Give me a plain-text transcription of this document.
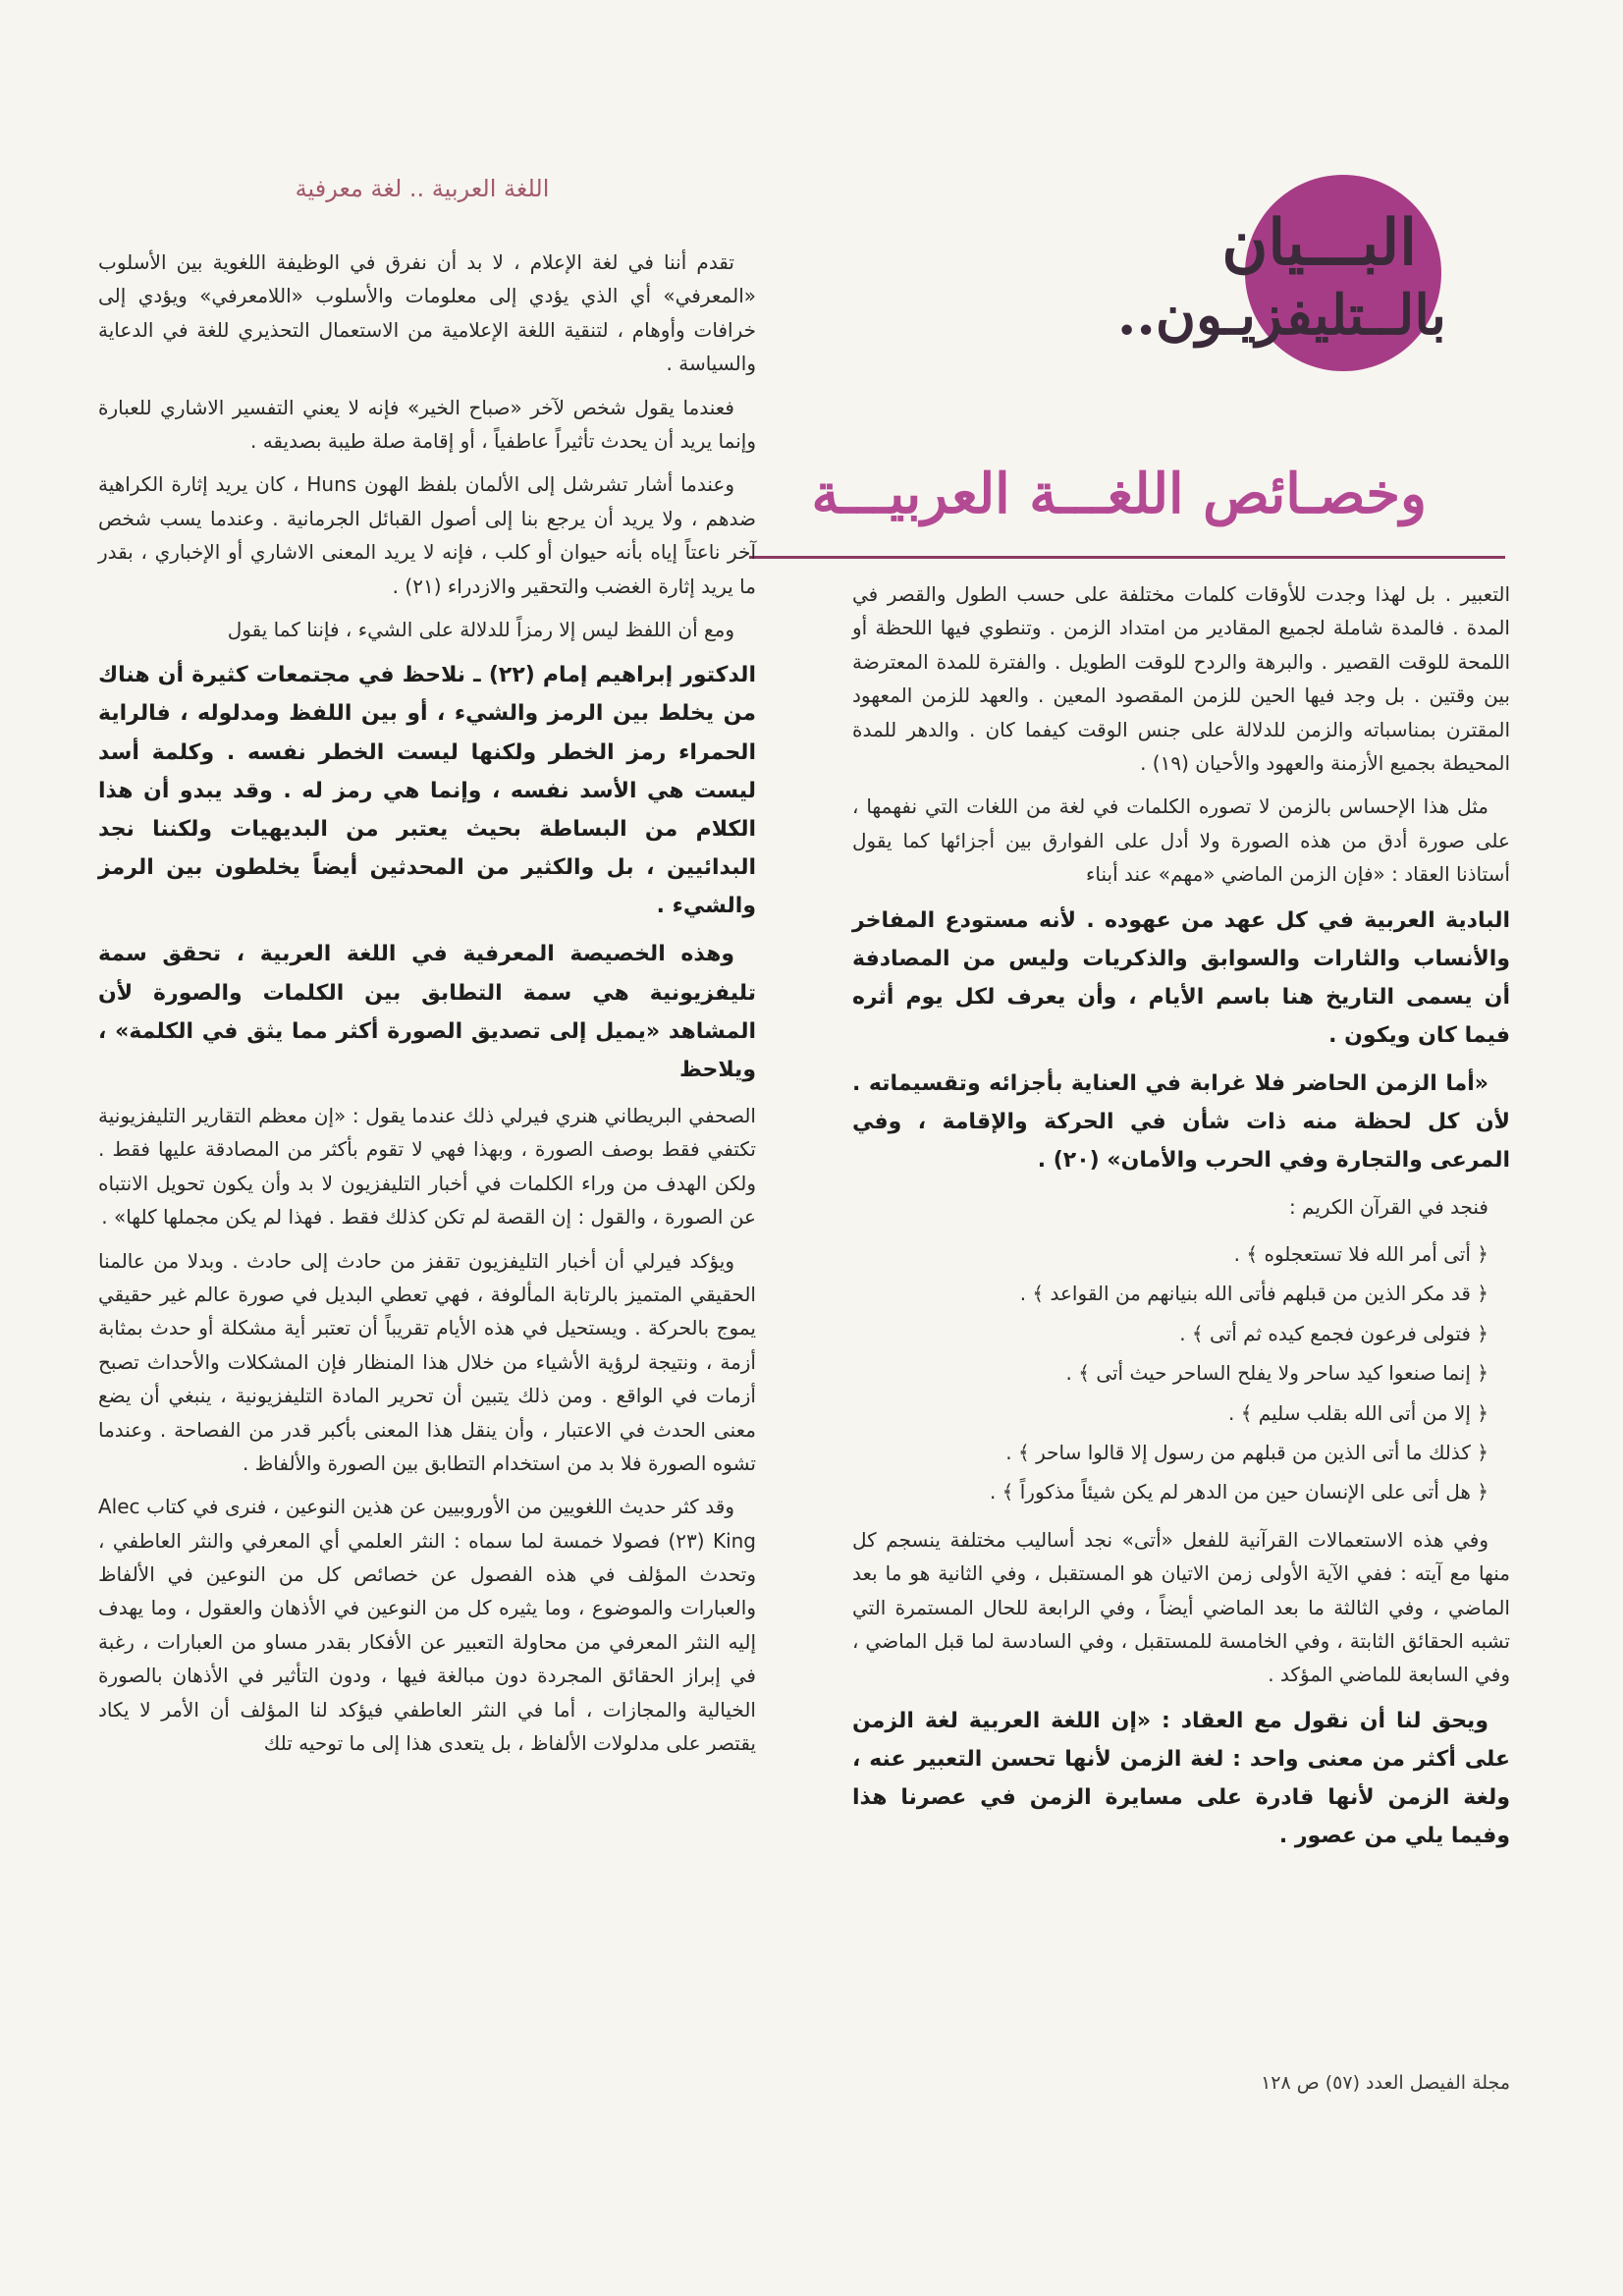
اللغة العربية .. لغة معرفية
البـــيان
بالــتليفزيـون..
وخصـائص اللغـــة العربيـــة

تقدم أننا في لغة الإعلام ، لا بد أن نفرق في الوظيفة اللغوية بين الأسلوب «المعرفي» أي الذي يؤدي إلى معلومات والأسلوب «اللامعرفي» ويؤدي إلى خرافات وأوهام ، لتنقية اللغة الإعلامية من الاستعمال التحذيري للغة في الدعاية والسياسة .

فعندما يقول شخص لآخر «صباح الخير» فإنه لا يعني التفسير الاشاري للعبارة وإنما يريد أن يحدث تأثيراً عاطفياً ، أو إقامة صلة طيبة بصديقه .

وعندما أشار تشرشل إلى الألمان بلفظ الهون Huns ، كان يريد إثارة الكراهية ضدهم ، ولا يريد أن يرجع بنا إلى أصول القبائل الجرمانية . وعندما يسب شخص آخر ناعتاً إياه بأنه حيوان أو كلب ، فإنه لا يريد المعنى الاشاري أو الإخباري ، بقدر ما يريد إثارة الغضب والتحقير والازدراء (٢١) .

ومع أن اللفظ ليس إلا رمزاً للدلالة على الشيء ، فإننا كما يقول

الدكتور إبراهيم إمام (٢٢) ـ نلاحظ في مجتمعات كثيرة أن هناك من يخلط بين الرمز والشيء ، أو بين اللفظ ومدلوله ، فالراية الحمراء رمز الخطر ولكنها ليست الخطر نفسه . وكلمة أسد ليست هي الأسد نفسه ، وإنما هي رمز له . وقد يبدو أن هذا الكلام من البساطة بحيث يعتبر من البديهيات ولكننا نجد البدائيين ، بل والكثير من المحدثين أيضاً يخلطون بين الرمز والشيء .

وهذه الخصيصة المعرفية في اللغة العربية ، تحقق سمة تليفزيونية هي سمة التطابق بين الكلمات والصورة لأن المشاهد «يميل إلى تصديق الصورة أكثر مما يثق في الكلمة» ، ويلاحظ

الصحفي البريطاني هنري فيرلي ذلك عندما يقول : «إن معظم التقارير التليفزيونية تكتفي فقط بوصف الصورة ، وبهذا فهي لا تقوم بأكثر من المصادقة عليها فقط . ولكن الهدف من وراء الكلمات في أخبار التليفزيون لا بد وأن يكون تحويل الانتباه عن الصورة ، والقول : إن القصة لم تكن كذلك فقط . فهذا لم يكن مجملها كلها» .

ويؤكد فيرلي أن أخبار التليفزيون تقفز من حادث إلى حادث . وبدلا من عالمنا الحقيقي المتميز بالرتابة المألوفة ، فهي تعطي البديل في صورة عالم غير حقيقي يموج بالحركة . ويستحيل في هذه الأيام تقريباً أن تعتبر أية مشكلة أو حدث بمثابة أزمة ، ونتيجة لرؤية الأشياء من خلال هذا المنظار فإن المشكلات والأحداث تصبح أزمات في الواقع . ومن ذلك يتبين أن تحرير المادة التليفزيونية ، ينبغي أن يضع معنى الحدث في الاعتبار ، وأن ينقل هذا المعنى بأكبر قدر من الفصاحة . وعندما تشوه الصورة فلا بد من استخدام التطابق بين الصورة والألفاظ .

وقد كثر حديث اللغويين من الأوروبيين عن هذين النوعين ، فنرى في كتاب Alec King (٢٣) فصولا خمسة لما سماه : النثر العلمي أي المعرفي والنثر العاطفي ، وتحدث المؤلف في هذه الفصول عن خصائص كل من النوعين في الألفاظ والعبارات والموضوع ، وما يثيره كل من النوعين في الأذهان والعقول ، وما يهدف إليه النثر المعرفي من محاولة التعبير عن الأفكار بقدر مساو من العبارات ، رغبة في إبراز الحقائق المجردة دون مبالغة فيها ، ودون التأثير في الأذهان بالصورة الخيالية والمجازات ، أما في النثر العاطفي فيؤكد لنا المؤلف أن الأمر لا يكاد يقتصر على مدلولات الألفاظ ، بل يتعدى هذا إلى ما توحيه تلك

التعبير . بل لهذا وجدت للأوقات كلمات مختلفة على حسب الطول والقصر في المدة . فالمدة شاملة لجميع المقادير من امتداد الزمن . وتنطوي فيها اللحظة أو اللمحة للوقت القصير . والبرهة والردح للوقت الطويل . والفترة للمدة المعترضة بين وقتين . بل وجد فيها الحين للزمن المقصود المعين . والعهد للزمن المعهود المقترن بمناسباته والزمن للدلالة على جنس الوقت كيفما كان . والدهر للمدة المحيطة بجميع الأزمنة والعهود والأحيان (١٩) .

مثل هذا الإحساس بالزمن لا تصوره الكلمات في لغة من اللغات التي نفهمها ، على صورة أدق من هذه الصورة ولا أدل على الفوارق بين أجزائها كما يقول أستاذنا العقاد : «فإن الزمن الماضي «مهم» عند أبناء

البادية العربية في كل عهد من عهوده . لأنه مستودع المفاخر والأنساب والثارات والسوابق والذكريات وليس من المصادفة أن يسمى التاريخ هنا باسم الأيام ، وأن يعرف لكل يوم أثره فيما كان ويكون .

«أما الزمن الحاضر فلا غرابة في العناية بأجزائه وتقسيماته . لأن كل لحظة منه ذات شأن في الحركة والإقامة ، وفي المرعى والتجارة وفي الحرب والأمان» (٢٠) .

فنجد في القرآن الكريم :

﴿ أتى أمر الله فلا تستعجلوه ﴾ .
﴿ قد مكر الذين من قبلهم فأتى الله بنيانهم من القواعد ﴾ .
﴿ فتولى فرعون فجمع كيده ثم أتى ﴾ .
﴿ إنما صنعوا كيد ساحر ولا يفلح الساحر حيث أتى ﴾ .
﴿ إلا من أتى الله بقلب سليم ﴾ .
﴿ كذلك ما أتى الذين من قبلهم من رسول إلا قالوا ساحر ﴾ .
﴿ هل أتى على الإنسان حين من الدهر لم يكن شيئاً مذكوراً ﴾ .

وفي هذه الاستعمالات القرآنية للفعل «أتى» نجد أساليب مختلفة ينسجم كل منها مع آيته : ففي الآية الأولى زمن الاتيان هو المستقبل ، وفي الثانية هو ما بعد الماضي ، وفي الثالثة ما بعد الماضي أيضاً ، وفي الرابعة للحال المستمرة التي تشبه الحقائق الثابتة ، وفي الخامسة للمستقبل ، وفي السادسة لما قبل الماضي ، وفي السابعة للماضي المؤكد .

ويحق لنا أن نقول مع العقاد : «إن اللغة العربية لغة الزمن على أكثر من معنى واحد : لغة الزمن لأنها تحسن التعبير عنه ، ولغة الزمن لأنها قادرة على مسايرة الزمن في عصرنا هذا وفيما يلي من عصور .

مجلة الفيصل العدد (٥٧) ص ١٢٨
